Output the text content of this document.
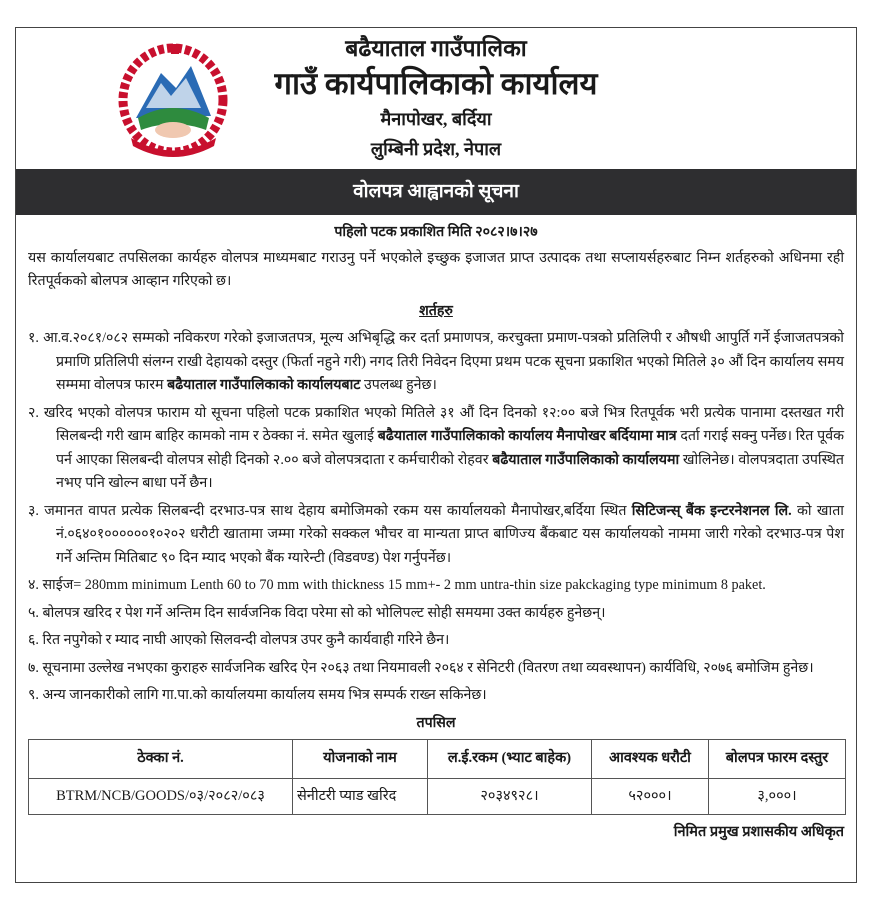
बढैयाताल गाउँपालिका
गाउँ कार्यपालिकाको कार्यालय
मैनापोखर, बर्दिया
लुम्बिनी प्रदेश, नेपाल
वोलपत्र आह्वानको सूचना
पहिलो पटक प्रकाशित मिति २०८२।७।२७
यस कार्यालयबाट तपसिलका कार्यहरु वोलपत्र माध्यमबाट गराउनु पर्ने भएकोले इच्छुक इजाजत प्राप्त उत्पादक तथा सप्लायर्सहरुबाट निम्न शर्तहरुको अधिनमा रही रितपूर्वकको बोलपत्र आव्हान गरिएको छ।
शर्तहरु
१. आ.व.२०८१/०८२ सम्मको नविकरण गरेको इजाजतपत्र, मूल्य अभिबृद्धि कर दर्ता प्रमाणपत्र, करचुक्ता प्रमाण-पत्रको प्रतिलिपी र औषधी आपुर्ति गर्ने ईजाजतपत्रको प्रमाणि प्रतिलिपी संलग्न राखी देहायको दस्तुर (फिर्ता नहुने गरी) नगद तिरी निवेदन दिएमा प्रथम पटक सूचना प्रकाशित भएको मितिले ३० औं दिन कार्यालय समय सम्ममा वोलपत्र फारम बढैयाताल गाउँपालिकाको कार्यालयबाट उपलब्ध हुनेछ।
२. खरिद भएको वोलपत्र फाराम यो सूचना पहिलो पटक प्रकाशित भएको मितिले ३१ औं दिन दिनको १२:०० बजे भित्र रितपूर्वक भरी प्रत्येक पानामा दस्तखत गरी सिलबन्दी गरी खाम बाहिर कामको नाम र ठेक्का नं. समेत खुलाई बढैयाताल गाउँपालिकाको कार्यालय मैनापोखर बर्दियामा मात्र दर्ता गराई सक्नु पर्नेछ। रित पूर्वक पर्न आएका सिलबन्दी वोलपत्र सोही दिनको २.०० बजे वोलपत्रदाता र कर्मचारीको रोहवर बढैयाताल गाउँपालिकाको कार्यालयमा खोलिनेछ। वोलपत्रदाता उपस्थित नभए पनि खोल्न बाधा पर्ने छैन।
३. जमानत वापत प्रत्येक सिलबन्दी दरभाउ-पत्र साथ देहाय बमोजिमको रकम यस कार्यालयको मैनापोखर,बर्दिया स्थित सिटिजन्स् बैंक इन्टरनेशनल लि. को खाता नं.०६४०१००००००१०२०२ धरौटी खातामा जम्मा गरेको सक्कल भौचर वा मान्यता प्राप्त बाणिज्य बैंकबाट यस कार्यालयको नाममा जारी गरेको दरभाउ-पत्र पेश गर्ने अन्तिम मितिबाट ९० दिन म्याद भएको बैंक ग्यारेन्टी (विडवण्ड) पेश गर्नुपर्नेछ।
४. साईज= 280mm minimum Lenth 60 to 70 mm with thickness 15 mm+- 2 mm untra-thin size pakckaging type minimum 8 paket.
५. बोलपत्र खरिद र पेश गर्ने अन्तिम दिन सार्वजनिक विदा परेमा सो को भोलिपल्ट सोही समयमा उक्त कार्यहरु हुनेछन्।
६. रित नपुगेको र म्याद नाघी आएको सिलवन्दी वोलपत्र उपर कुनै कार्यवाही गरिने छैन।
७. सूचनामा उल्लेख नभएका कुराहरु सार्वजनिक खरिद ऐन २०६३ तथा नियमावली २०६४ र सेनिटरी (वितरण तथा व्यवस्थापन) कार्यविधि, २०७६ बमोजिम हुनेछ।
९. अन्य जानकारीको लागि गा.पा.को कार्यालयमा कार्यालय समय भित्र सम्पर्क राख्न सकिनेछ।
तपसिल
ठेक्का नं.	योजनाको नाम	ल.ई.रकम (भ्याट बाहेक)	आवश्यक धरौटी	बोलपत्र फारम दस्तुर
BTRM/NCB/GOODS/०३/२०८२/०८३	सेनीटरी प्याड खरिद	२०३४९२८।	५२०००।	३,०००।
निमित प्रमुख प्रशासकीय अधिकृत
